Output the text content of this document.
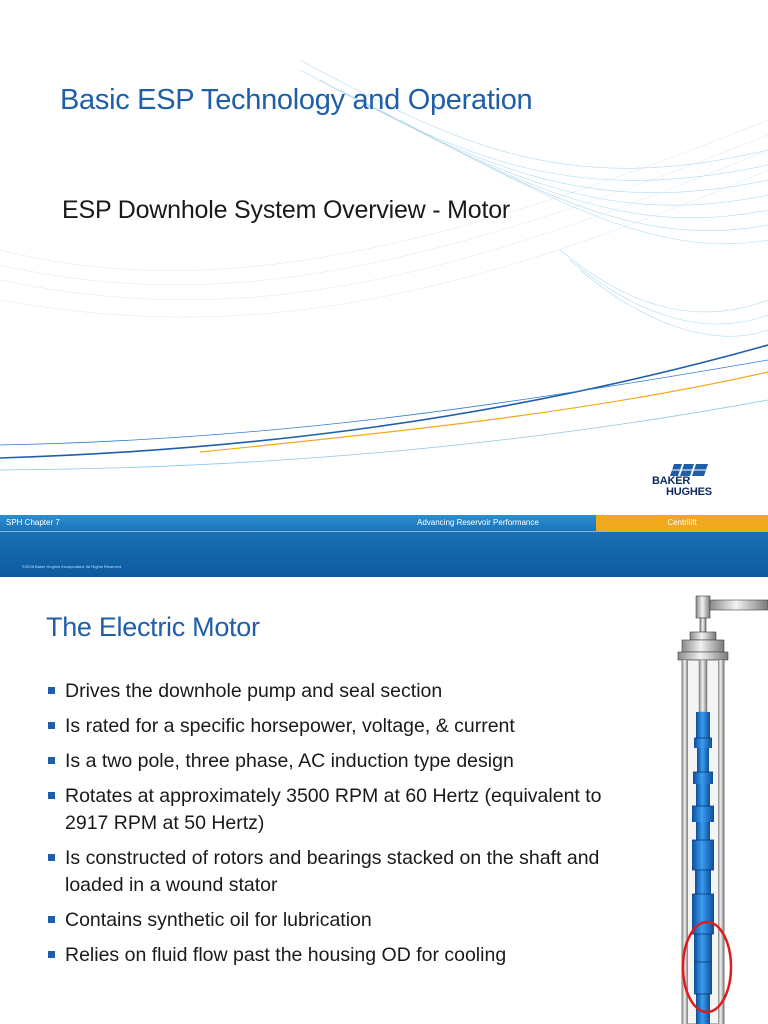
Basic ESP Technology and Operation
ESP Downhole System Overview - Motor
BAKER
HUGHES
SPH Chapter 7	Advancing Reservoir Performance	Centrilift
©2008 Baker Hughes Incorporated. All Rights Reserved.
The Electric Motor
Drives the downhole pump and seal section
Is rated for a specific horsepower, voltage, & current
Is a two pole, three phase, AC induction type design
Rotates at approximately 3500 RPM at 60 Hertz (equivalent to 2917 RPM at 50 Hertz)
Is constructed of rotors and bearings stacked on the shaft and loaded in a wound stator
Contains synthetic oil for lubrication
Relies on fluid flow past the housing OD for cooling
